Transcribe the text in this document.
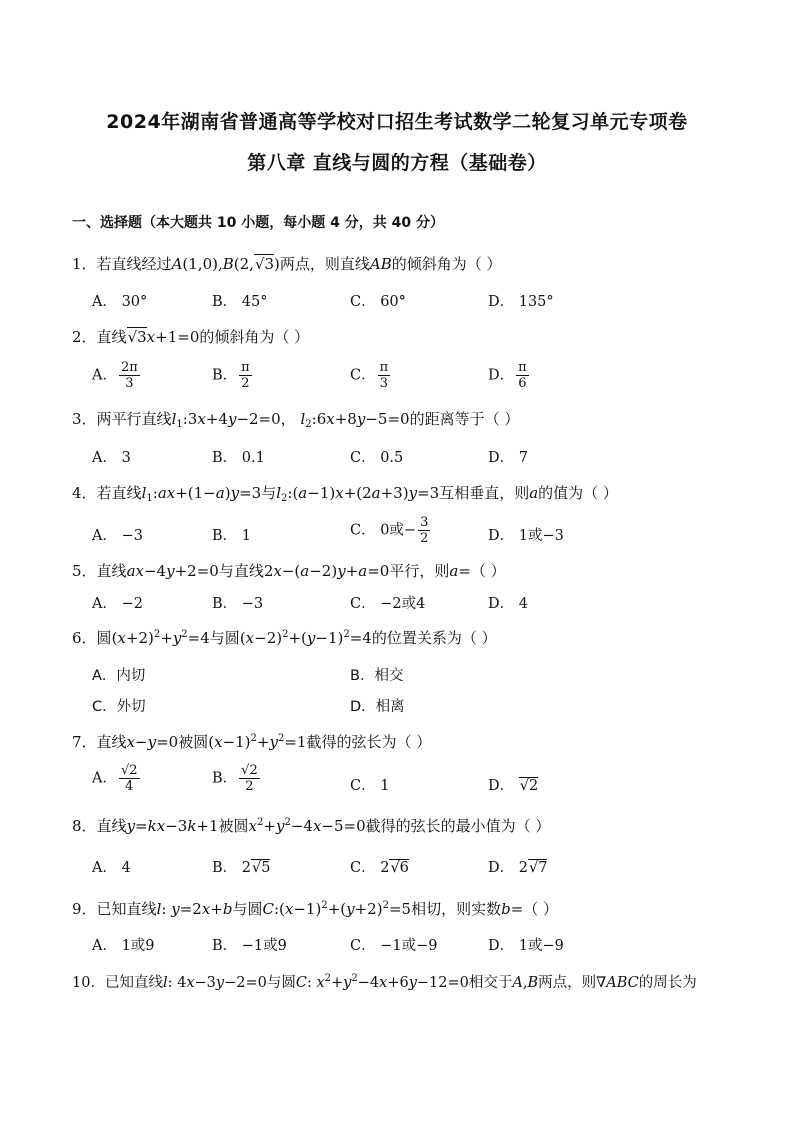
2024年湖南省普通高等学校对口招生考试数学二轮复习单元专项卷
第八章 直线与圆的方程（基础卷）
一、选择题（本大题共 10 小题，每小题 4 分，共 40 分）
1．若直线经过A(1,0),B(2,√3)两点，则直线AB的倾斜角为（ ）
A． 30°	B． 45°	C． 60°	D． 135°
2．直线√3x+1=0的倾斜角为（ ）
A． $\frac{2\pi}{3}$	B． $\frac{\pi}{2}$	C． $\frac{\pi}{3}$	D． $\frac{\pi}{6}$
3．两平行直线$l_1:3x+4y-2=0$， $l_2:6x+8y-5=0$的距离等于（ ）
A． 3	B． 0.1	C． 0.5	D． 7
4．若直线$l_1:ax+(1-a)y=3$与$l_2:(a-1)x+(2a+3)y=3$互相垂直，则a的值为（ ）
A． −3	B． 1	C． 0或− $\frac{3}{2}$	D． 1或−3
5．直线ax−4y+2=0与直线2x−(a−2)y+a=0平行，则a=（ ）
A． −2	B． −3	C． −2或4	D． 4
6．圆$(x+2)^2+y^2=4$与圆$(x-2)^2+(y-1)^2=4$的位置关系为（ ）
A．内切	B．相交
C．外切	D．相离
7．直线x−y=0被圆$(x-1)^2+y^2=1$截得的弦长为（ ）
A． $\frac{√2}{4}$	B． $\frac{√2}{2}$	C． 1	D． √2
8．直线y=kx−3k+1被圆$x^2+y^2-4x-5=0$截得的弦长的最小值为（ ）
A． 4	B． 2√5	C． 2√6	D． 2√7
9．已知直线l: y=2x+b与圆$C:(x-1)^2+(y+2)^2=5$相切，则实数b=（ ）
A． 1或9	B． −1或9	C． −1或−9	D． 1或−9
10．已知直线l: 4x−3y−2=0与圆C: $x^2+y^2-4x+6y-12=0$相交于A,B两点，则∇ABC的周长为
